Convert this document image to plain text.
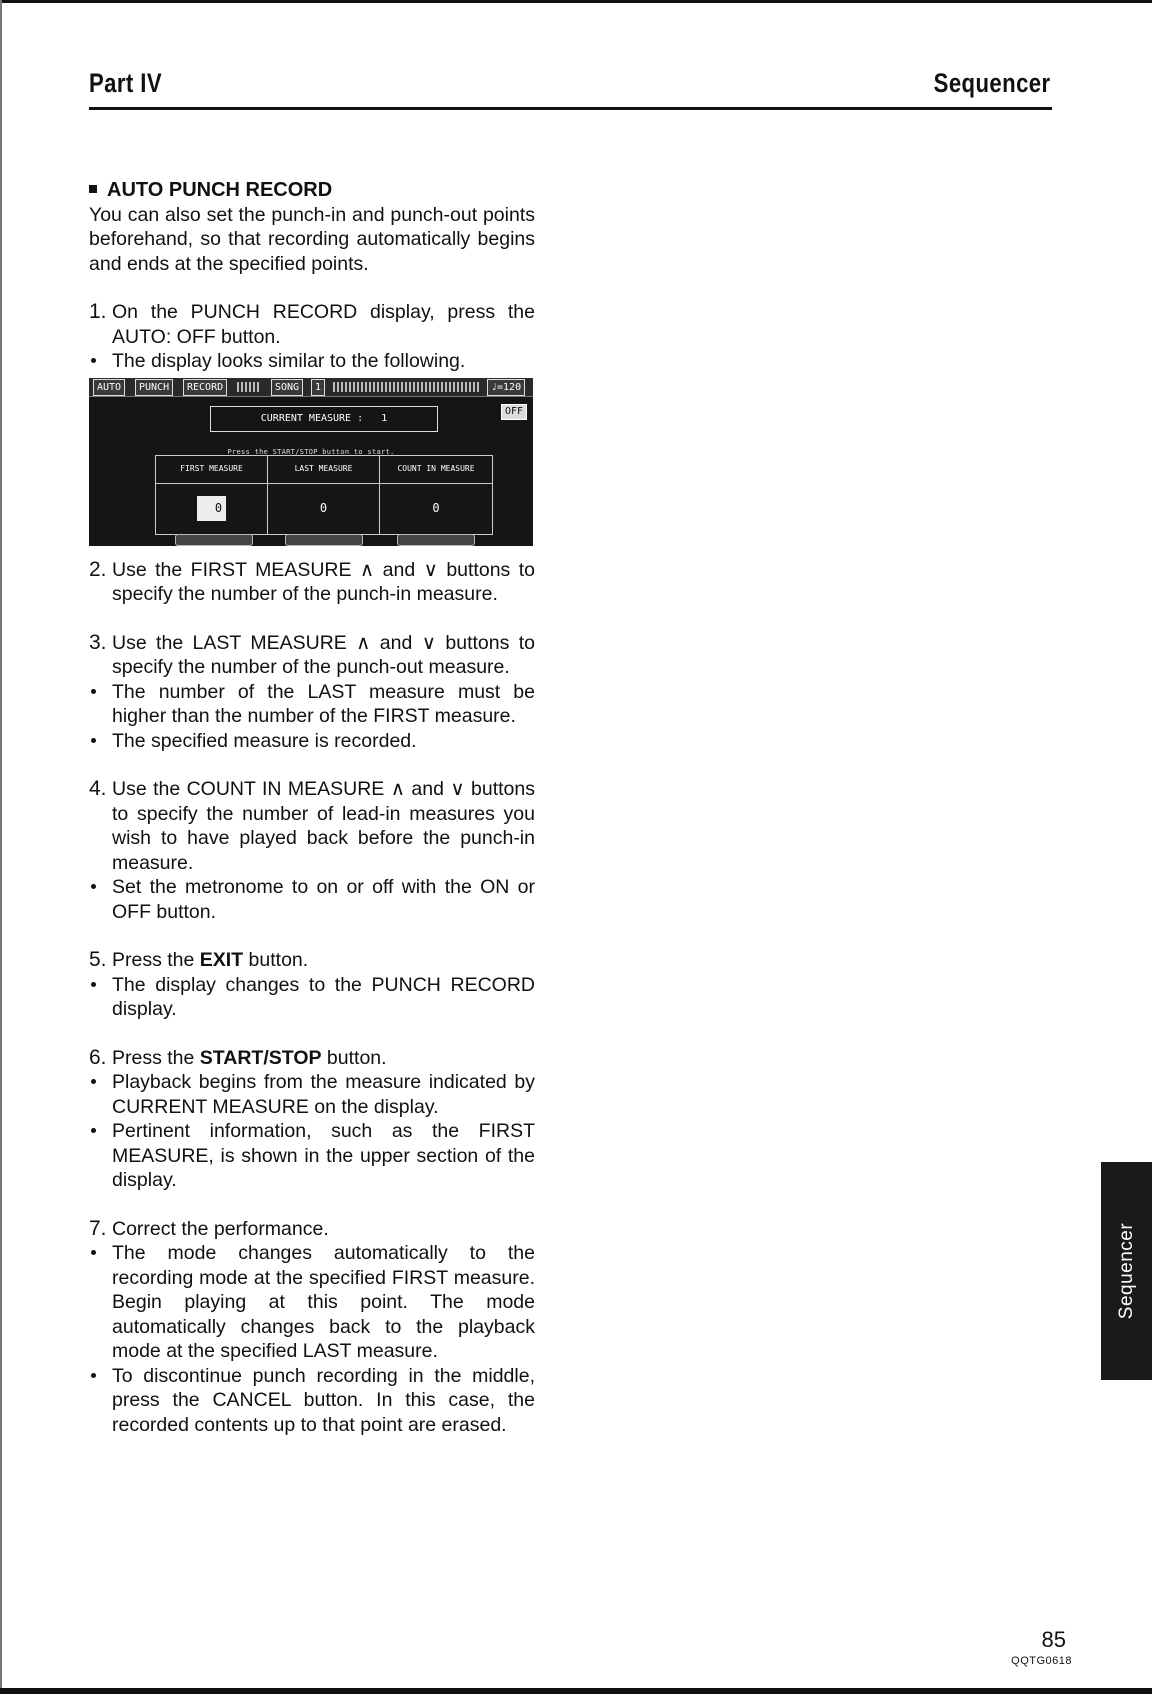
Part IV	Sequencer

AUTO PUNCH RECORD

You can also set the punch-in and punch-out points beforehand, so that recording automatically begins and ends at the specified points.

1. On the PUNCH RECORD display, press the AUTO: OFF button.
The display looks similar to the following.
AUTO	PUNCH	RECORD	SONG	1	♩=120
CURRENT MEASURE : 1
OFF
Press the START/STOP button to start.
FIRST MEASURE	LAST MEASURE	COUNT IN MEASURE
0	0	0
2. Use the FIRST MEASURE ∧ and ∨ buttons to specify the number of the punch-in measure.
3. Use the LAST MEASURE ∧ and ∨ buttons to specify the number of the punch-out measure.
The number of the LAST measure must be higher than the number of the FIRST measure.
The specified measure is recorded.
4. Use the COUNT IN MEASURE ∧ and ∨ buttons to specify the number of lead-in measures you wish to have played back before the punch-in measure.
Set the metronome to on or off with the ON or OFF button.
5. Press the EXIT button.
The display changes to the PUNCH RECORD display.
6. Press the START/STOP button.
Playback begins from the measure indicated by CURRENT MEASURE on the display.
Pertinent information, such as the FIRST MEASURE, is shown in the upper section of the display.
7. Correct the performance.
The mode changes automatically to the recording mode at the specified FIRST measure. Begin playing at this point. The mode automatically changes back to the playback mode at the specified LAST measure.
To discontinue punch recording in the middle, press the CANCEL button. In this case, the recorded contents up to that point are erased.
Sequencer
85
QQTG0618
